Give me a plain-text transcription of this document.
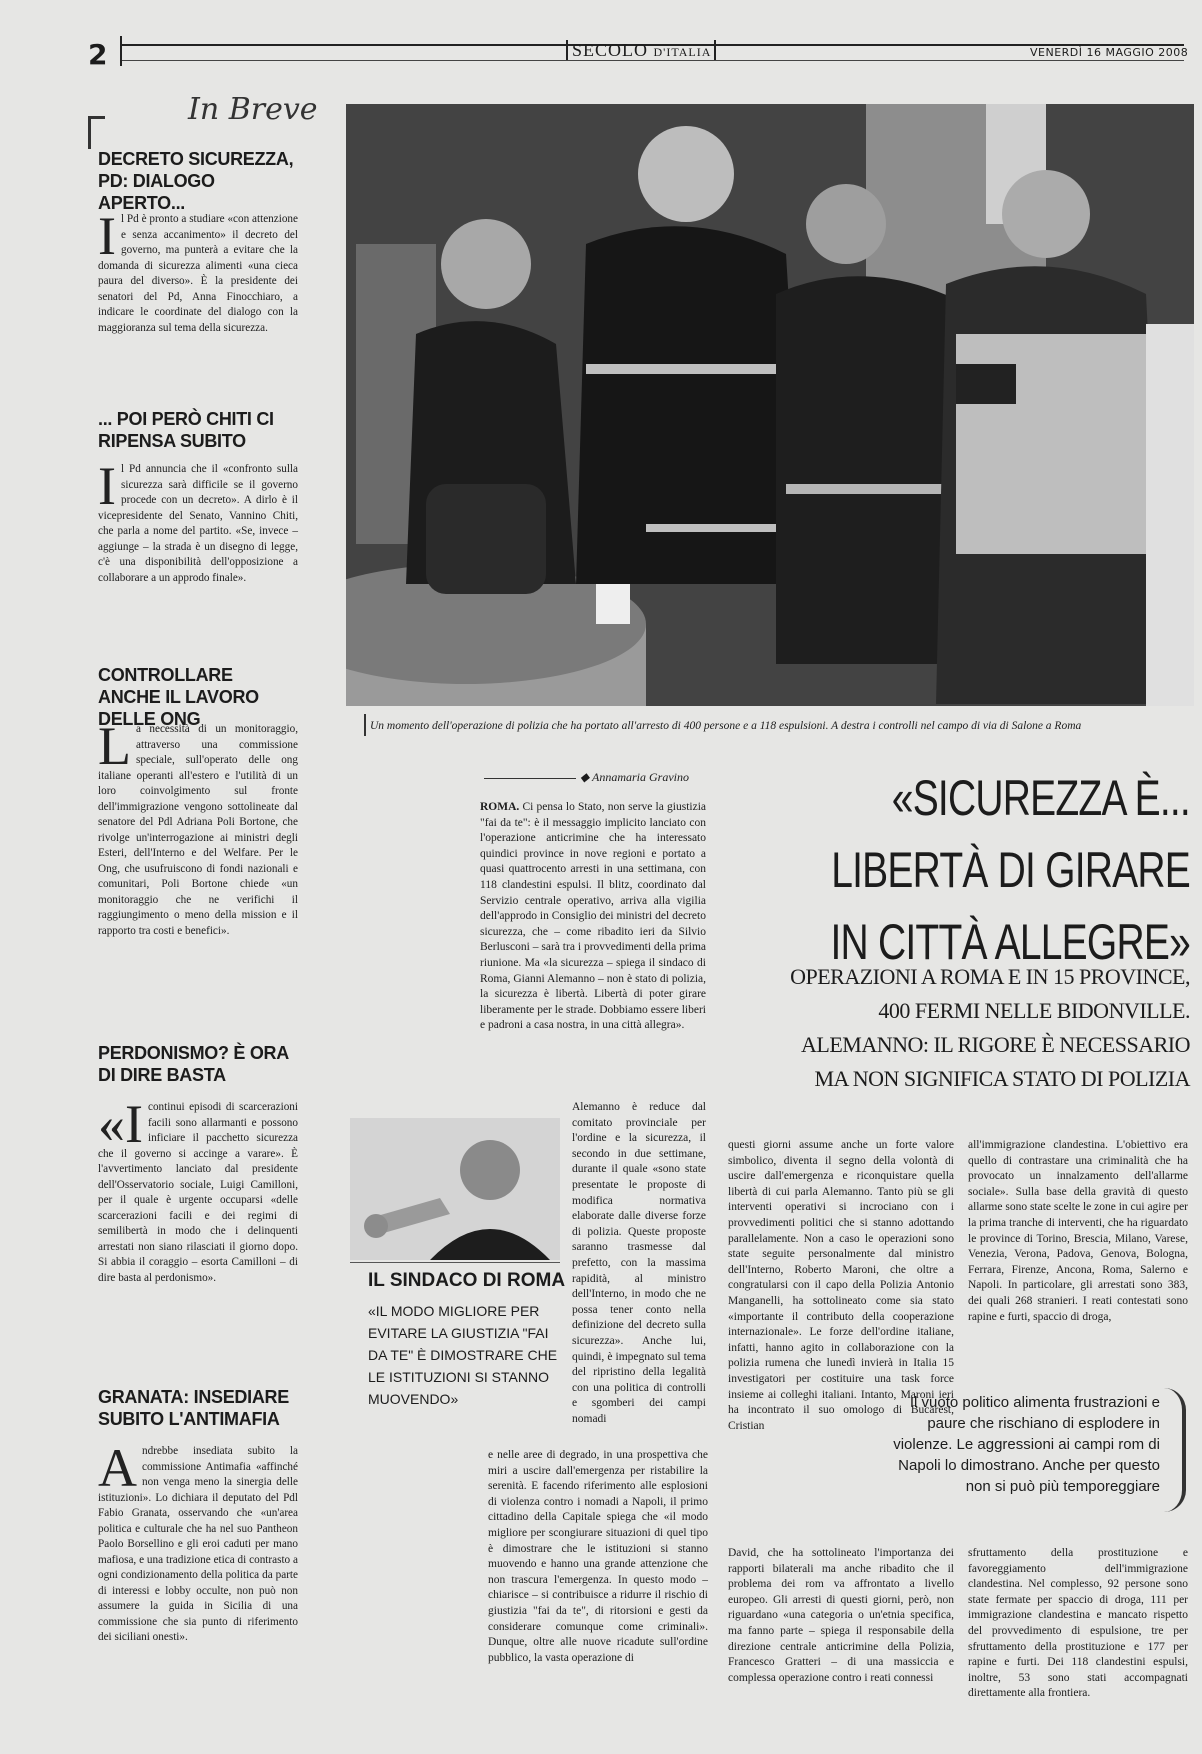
2	SECOLO D'ITALIA	VENERDÌ 16 MAGGIO 2008
In Breve
DECRETO SICUREZZA, PD: DIALOGO APERTO...
Il Pd è pronto a studiare «con attenzione e senza accanimento» il decreto del governo, ma punterà a evitare che la domanda di sicurezza alimenti «una cieca paura del diverso». È la presidente dei senatori del Pd, Anna Finocchiaro, a indicare le coordinate del dialogo con la maggioranza sul tema della sicurezza.
... POI PERÒ CHITI CI RIPENSA SUBITO
Il Pd annuncia che il «confronto sulla sicurezza sarà difficile se il governo procede con un decreto». A dirlo è il vicepresidente del Senato, Vannino Chiti, che parla a nome del partito. «Se, invece – aggiunge – la strada è un disegno di legge, c'è una disponibilità dell'opposizione a collaborare a un approdo finale».
CONTROLLARE ANCHE IL LAVORO DELLE ONG
La necessità di un monitoraggio, attraverso una commissione speciale, sull'operato delle ong italiane operanti all'estero e l'utilità di un loro coinvolgimento sul fronte dell'immigrazione vengono sottolineate dal senatore del Pdl Adriana Poli Bortone, che rivolge un'interrogazione ai ministri degli Esteri, dell'Interno e del Welfare. Per le Ong, che usufruiscono di fondi nazionali e comunitari, Poli Bortone chiede «un monitoraggio che ne verifichi il raggiungimento o meno della mission e il rapporto tra costi e benefici».
PERDONISMO? È ORA DI DIRE BASTA
«Icontinui episodi di scarcerazioni facili sono allarmanti e possono inficiare il pacchetto sicurezza che il governo si accinge a varare». È l'avvertimento lanciato dal presidente dell'Osservatorio sociale, Luigi Camilloni, per il quale è urgente occuparsi «delle scarcerazioni facili e dei regimi di semilibertà in modo che i delinquenti arrestati non siano rilasciati il giorno dopo. Si abbia il coraggio – esorta Camilloni – di dire basta al perdonismo».
GRANATA: INSEDIARE SUBITO L'ANTIMAFIA
Andrebbe insediata subito la commissione Antimafia «affinché non venga meno la sinergia delle istituzioni». Lo dichiara il deputato del Pdl Fabio Granata, osservando che «un'area politica e culturale che ha nel suo Pantheon Paolo Borsellino e gli eroi caduti per mano mafiosa, e una tradizione etica di contrasto a ogni condizionamento della politica da parte di interessi e lobby occulte, non può non assumere la guida in Sicilia di una commissione che sia punto di riferimento dei siciliani onesti».
Un momento dell'operazione di polizia che ha portato all'arresto di 400 persone e a 118 espulsioni. A destra i controlli nel campo di via di Salone a Roma
◆ Annamaria Gravino	«SICUREZZA È...
LIBERTÀ DI GIRARE
IN CITTÀ ALLEGRE»
OPERAZIONI A ROMA E IN 15 PROVINCE,
400 FERMI NELLE BIDONVILLE.
ALEMANNO: IL RIGORE È NECESSARIO
MA NON SIGNIFICA STATO DI POLIZIA
ROMA. Ci pensa lo Stato, non serve la giustizia "fai da te": è il messaggio implicito lanciato con l'operazione anticrimine che ha interessato quindici province in nove regioni e portato a quasi quattrocento arresti in una settimana, con 118 clandestini espulsi. Il blitz, coordinato dal Servizio centrale operativo, arriva alla vigilia dell'approdo in Consiglio dei ministri del decreto sicurezza, che – come ribadito ieri da Silvio Berlusconi – sarà tra i provvedimenti della prima riunione. Ma «la sicurezza – spiega il sindaco di Roma, Gianni Alemanno – non è stato di polizia, la sicurezza è libertà. Libertà di poter girare liberamente per le strade. Dobbiamo essere liberi e padroni a casa nostra, in una città allegra».
Alemanno è reduce dal comitato provinciale per l'ordine e la sicurezza, il secondo in due settimane, durante il quale «sono state presentate le proposte di modifica normativa elaborate dalle diverse forze di polizia. Queste proposte saranno trasmesse dal prefetto, con la massima rapidità, al ministro dell'Interno, in modo che ne possa tener conto nella definizione del decreto sulla sicurezza». Anche lui, quindi, è impegnato sul tema del ripristino della legalità con una politica di controlli e sgomberi dei campi nomadi
e nelle aree di degrado, in una prospettiva che miri a uscire dall'emergenza per ristabilire la serenità. E facendo riferimento alle esplosioni di violenza contro i nomadi a Napoli, il primo cittadino della Capitale spiega che «il modo migliore per scongiurare situazioni di quel tipo è dimostrare che le istituzioni si stanno muovendo e hanno una grande attenzione che non trascura l'emergenza. In questo modo – chiarisce – si contribuisce a ridurre il rischio di giustizia "fai da te", di ritorsioni e gesti da considerare comunque come criminali». Dunque, oltre alle nuove ricadute sull'ordine pubblico, la vasta operazione di
IL SINDACO DI ROMA
«IL MODO MIGLIORE PER EVITARE LA GIUSTIZIA "FAI DA TE" È DIMOSTRARE CHE LE ISTITUZIONI SI STANNO MUOVENDO»
questi giorni assume anche un forte valore simbolico, diventa il segno della volontà di uscire dall'emergenza e riconquistare quella libertà di cui parla Alemanno. Tanto più se gli interventi operativi si incrociano con i provvedimenti politici che si stanno adottando parallelamente. Non a caso le operazioni sono state seguite personalmente dal ministro dell'Interno, Roberto Maroni, che oltre a congratularsi con il capo della Polizia Antonio Manganelli, ha sottolineato come sia stato «importante il contributo della cooperazione internazionale». Le forze dell'ordine italiane, infatti, hanno agito in collaborazione con la polizia rumena che lunedì invierà in Italia 15 investigatori per costituire una task force insieme ai colleghi italiani. Intanto, Maroni ieri ha incontrato il suo omologo di Bucarest, Cristian
David, che ha sottolineato l'importanza dei rapporti bilaterali ma anche ribadito che il problema dei rom va affrontato a livello europeo. Gli arresti di questi giorni, però, non riguardano «una categoria o un'etnia specifica, ma fanno parte – spiega il responsabile della direzione centrale anticrimine della Polizia, Francesco Gratteri – di una massiccia e complessa operazione contro i reati connessi
all'immigrazione clandestina. L'obiettivo era quello di contrastare una criminalità che ha provocato un innalzamento dell'allarme sociale». Sulla base della gravità di questo allarme sono state scelte le zone in cui agire per la prima tranche di interventi, che ha riguardato le province di Torino, Brescia, Milano, Varese, Venezia, Verona, Padova, Genova, Bologna, Ferrara, Firenze, Ancona, Roma, Salerno e Napoli. In particolare, gli arrestati sono 383, dei quali 268 stranieri. I reati contestati sono rapine e furti, spaccio di droga,
sfruttamento della prostituzione e favoreggiamento dell'immigrazione clandestina. Nel complesso, 92 persone sono state fermate per spaccio di droga, 111 per immigrazione clandestina e mancato rispetto del provvedimento di espulsione, tre per sfruttamento della prostituzione e 177 per rapine e furti. Dei 118 clandestini espulsi, inoltre, 53 sono stati accompagnati direttamente alla frontiera.
Il vuoto politico alimenta frustrazioni e paure che rischiano di esplodere in violenze. Le aggressioni ai campi rom di Napoli lo dimostrano. Anche per questo non si può più temporeggiare
